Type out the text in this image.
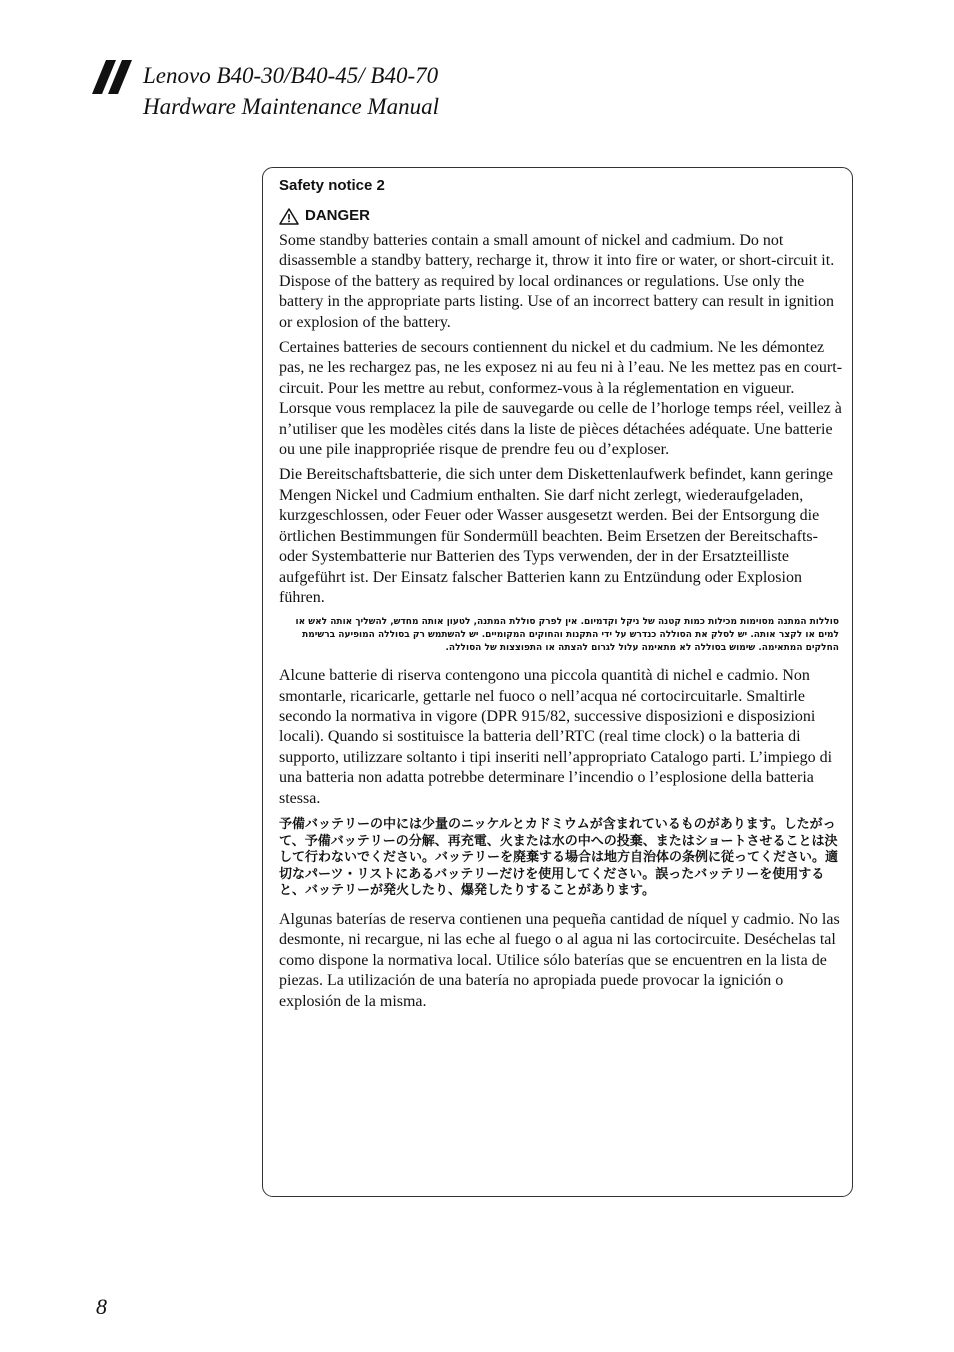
Lenovo B40-30/B40-45/ B40-70
Hardware Maintenance Manual
Safety notice 2
DANGER

Some standby batteries contain a small amount of nickel and cadmium. Do not disassemble a standby battery, recharge it, throw it into fire or water, or short-circuit it. Dispose of the battery as required by local ordinances or regulations. Use only the battery in the appropriate parts listing. Use of an incorrect battery can result in ignition or explosion of the battery.

Certaines batteries de secours contiennent du nickel et du cadmium. Ne les démontez pas, ne les rechargez pas, ne les exposez ni au feu ni à l’eau. Ne les mettez pas en court-circuit. Pour les mettre au rebut, conformez-vous à la réglementation en vigueur. Lorsque vous remplacez la pile de sauvegarde ou celle de l’horloge temps réel, veillez à n’utiliser que les modèles cités dans la liste de pièces détachées adéquate. Une batterie ou une pile inappropriée risque de prendre feu ou d’exploser.

Die Bereitschaftsbatterie, die sich unter dem Diskettenlaufwerk befindet, kann geringe Mengen Nickel und Cadmium enthalten. Sie darf nicht zerlegt, wiederaufgeladen, kurzgeschlossen, oder Feuer oder Wasser ausgesetzt werden. Bei der Entsorgung die örtlichen Bestimmungen für Sondermüll beachten. Beim Ersetzen der Bereitschafts-oder Systembatterie nur Batterien des Typs verwenden, der in der Ersatzteilliste aufgeführt ist. Der Einsatz falscher Batterien kann zu Entzündung oder Explosion führen.

סוללות המתנה מסוימות מכילות כמות קטנה של ניקל וקדמיום. אין לפרק סוללת המתנה, לטעון אותה מחדש, להשליך אותה לאש או למים או לקצר אותה. יש לסלק את הסוללה כנדרש על ידי התקנות והחוקים המקומיים. יש להשתמש רק בסוללה המופיעה ברשימת החלקים המתאימה. שימוש בסוללה לא מתאימה עלול לגרום להצתה או התפוצצות של הסוללה.

Alcune batterie di riserva contengono una piccola quantità di nichel e cadmio. Non smontarle, ricaricarle, gettarle nel fuoco o nell’acqua né cortocircuitarle. Smaltirle secondo la normativa in vigore (DPR 915/82, successive disposizioni e disposizioni locali). Quando si sostituisce la batteria dell’RTC (real time clock) o la batteria di supporto, utilizzare soltanto i tipi inseriti nell’appropriato Catalogo parti. L’impiego di una batteria non adatta potrebbe determinare l’incendio o l’esplosione della batteria stessa.

予備バッテリーの中には少量のニッケルとカドミウムが含まれているものがあります。したがって、予備バッテリーの分解、再充電、火または水の中への投棄、またはショートさせることは決して行わないでください。バッテリーを廃棄する場合は地方自治体の条例に従ってください。適切なパーツ・リストにあるバッテリーだけを使用してください。誤ったバッテリーを使用すると、バッテリーが発火したり、爆発したりすることがあります。

Algunas baterías de reserva contienen una pequeña cantidad de níquel y cadmio. No las desmonte, ni recargue, ni las eche al fuego o al agua ni las cortocircuite. Deséchelas tal como dispone la normativa local. Utilice sólo baterías que se encuentren en la lista de piezas. La utilización de una batería no apropiada puede provocar la ignición o explosión de la misma.

8
